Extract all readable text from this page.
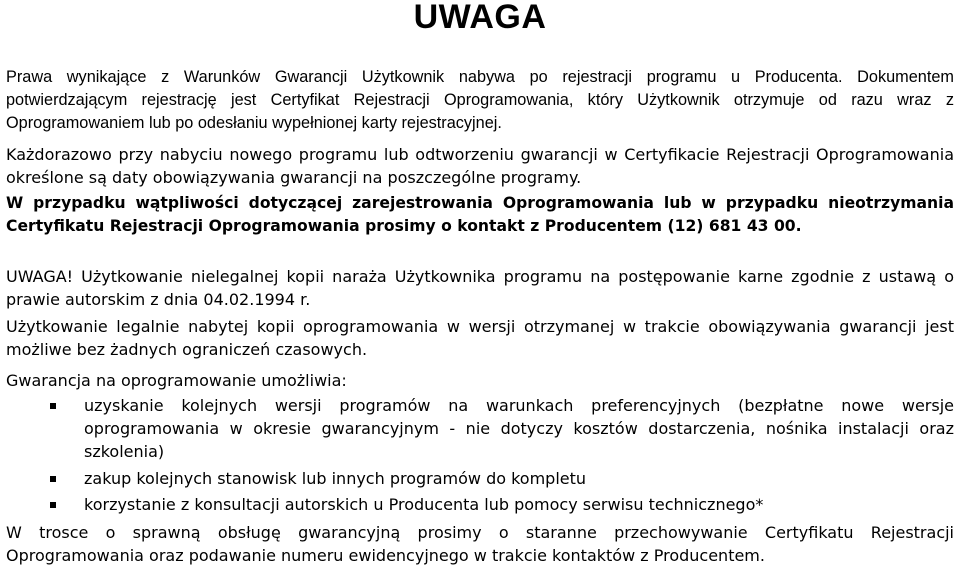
UWAGA
Prawa wynikające z Warunków Gwarancji Użytkownik nabywa po rejestracji programu u Producenta. Dokumentem potwierdzającym rejestrację jest Certyfikat Rejestracji Oprogramowania, który Użytkownik otrzymuje od razu wraz z Oprogramowaniem lub po odesłaniu wypełnionej karty rejestracyjnej.
Każdorazowo przy nabyciu nowego programu lub odtworzeniu gwarancji w Certyfikacie Rejestracji Oprogramowania określone są daty obowiązywania gwarancji na poszczególne programy.
W przypadku wątpliwości dotyczącej zarejestrowania Oprogramowania lub w przypadku nieotrzymania Certyfikatu Rejestracji Oprogramowania prosimy o kontakt z Producentem (12) 681 43 00.
UWAGA! Użytkowanie nielegalnej kopii naraża Użytkownika programu na postępowanie karne zgodnie z ustawą o prawie autorskim z dnia 04.02.1994 r.
Użytkowanie legalnie nabytej kopii oprogramowania w wersji otrzymanej w trakcie obowiązywania gwarancji jest możliwe bez żadnych ograniczeń czasowych.
Gwarancja na oprogramowanie umożliwia:
uzyskanie kolejnych wersji programów na warunkach preferencyjnych (bezpłatne nowe wersje oprogramowania w okresie gwarancyjnym - nie dotyczy kosztów dostarczenia, nośnika instalacji oraz szkolenia)
zakup kolejnych stanowisk lub innych programów do kompletu
korzystanie z konsultacji autorskich u Producenta lub pomocy serwisu technicznego*
W trosce o sprawną obsługę gwarancyjną prosimy o staranne przechowywanie Certyfikatu Rejestracji Oprogramowania oraz podawanie numeru ewidencyjnego w trakcie kontaktów z Producentem.
